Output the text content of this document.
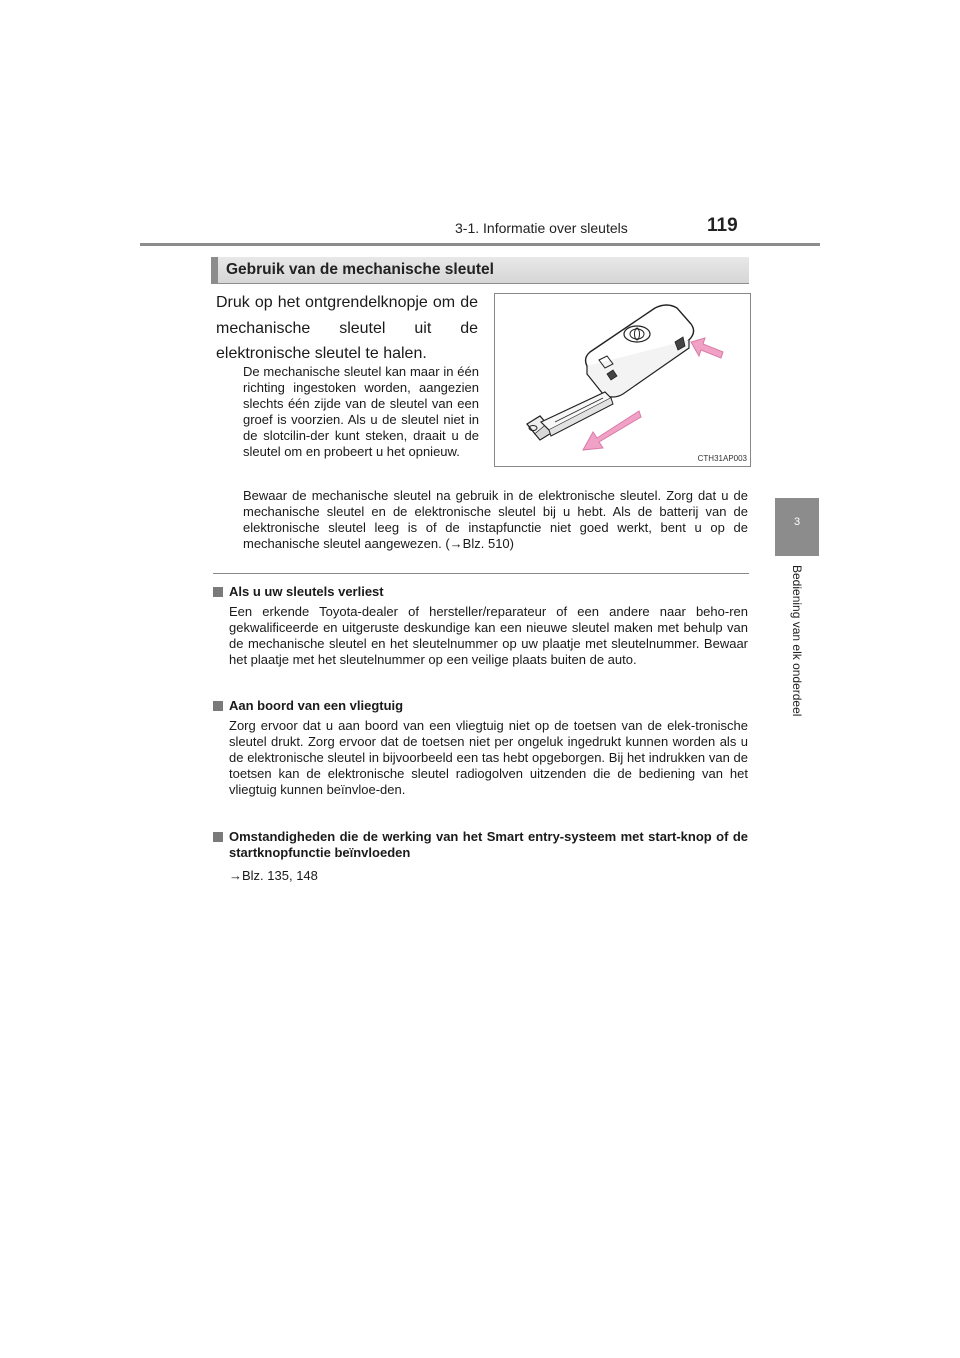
3-1. Informatie over sleutels	119
3
Bediening van elk onderdeel
Gebruik van de mechanische sleutel
Druk op het ontgrendelknopje om de mechanische sleutel uit de elektronische sleutel te halen.
De mechanische sleutel kan maar in één richting ingestoken worden, aangezien slechts één zijde van de sleutel van een groef is voorzien. Als u de sleutel niet in de slotcilin-der kunt steken, draait u de sleutel om en probeert u het opnieuw.	CTH31AP003
Bewaar de mechanische sleutel na gebruik in de elektronische sleutel. Zorg dat u de mechanische sleutel en de elektronische sleutel bij u hebt. Als de batterij van de elektronische sleutel leeg is of de instapfunctie niet goed werkt, bent u op de mechanische sleutel aangewezen. (→Blz. 510)
Als u uw sleutels verliest
Een erkende Toyota-dealer of hersteller/reparateur of een andere naar beho-ren gekwalificeerde en uitgeruste deskundige kan een nieuwe sleutel maken met behulp van de mechanische sleutel en het sleutelnummer op uw plaatje met sleutelnummer. Bewaar het plaatje met het sleutelnummer op een veilige plaats buiten de auto.
Aan boord van een vliegtuig
Zorg ervoor dat u aan boord van een vliegtuig niet op de toetsen van de elek-tronische sleutel drukt. Zorg ervoor dat de toetsen niet per ongeluk ingedrukt kunnen worden als u de elektronische sleutel in bijvoorbeeld een tas hebt opgeborgen. Bij het indrukken van de toetsen kan de elektronische sleutel radiogolven uitzenden die de bediening van het vliegtuig kunnen beïnvloe-den.
Omstandigheden die de werking van het Smart entry-systeem met start-knop of de startknopfunctie beïnvloeden
→Blz. 135, 148
